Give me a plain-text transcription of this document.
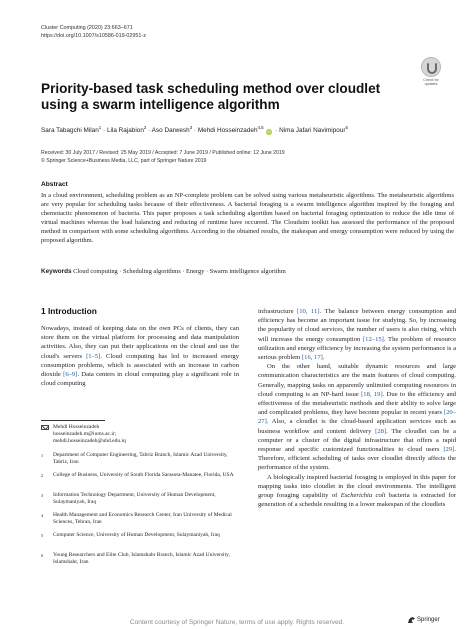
Cluster Computing (2020) 23:663–671
https://doi.org/10.1007/s10586-019-02951-z
Check for
updates
Priority-based task scheduling method over cloudlet using a swarm intelligence algorithm
Sara Tabagchi Milan$^1$ · Lila Rajabion$^2$ · Aso Darwesh$^3$ · Mehdi Hosseinzadeh$^{4,5}$ iD · Nima Jafari Navimipour$^6$
Received: 30 July 2017 / Revised: 25 May 2019 / Accepted: 7 June 2019 / Published online: 12 June 2019
© Springer Science+Business Media, LLC, part of Springer Nature 2019
Abstract
In a cloud environment, scheduling problem as an NP-complete problem can be solved using various metaheuristic algorithms. The metaheuristic algorithms are very popular for scheduling tasks because of their effectiveness. A bacterial foraging is a swarm intelligence algorithm inspired by the foraging and chemotactic phenomenon of bacteria. This paper proposes a task scheduling algorithm based on bacterial foraging optimization to reduce the idle time of virtual machines whereas the load balancing and reducing of runtime have occurred. The Cloudsim toolkit has assessed the performance of the proposed method in comparison with some scheduling algorithms. According to the obtained results, the makespan and energy consumption were reduced by using the proposed algorithm.
Keywords Cloud computing · Scheduling algorithms · Energy · Swarm intelligence algorithm
1 Introduction

Nowadays, instead of keeping data on the own PCs of clients, they can store them on the virtual platform for processing and data manipulation activities. Also, they can put their applications on the cloud and use the cloud's servers [1–5]. Cloud computing has led to increased energy consumption problems, which is associated with an increase in carbon dioxide [6–9]. Data centers in cloud computing play a significant role in cloud computing

Mehdi Hosseinzadeh
hosseinzadeh.m@iums.ac.ir;
mehdi.hosseinzadeh@uhd.edu.iq
1 Department of Computer Engineering, Tabriz Branch, Islamic Azad University, Tabriz, Iran
2 College of Business, University of South Florida Sarasota-Manatee, Florida, USA
3 Information Technology Department, University of Human Development, Sulaymaniyah, Iraq
4 Health Management and Economics Research Center, Iran University of Medical Sciences, Tehran, Iran
5 Computer Science, University of Human Development, Sulaymaniyah, Iraq
6 Young Researchers and Elite Club, Islamshahr Branch, Islamic Azad University, Islamshahr, Iran

infrastructure [10, 11]. The balance between energy consumption and efficiency has become an important issue for studying. So, by increasing the popularity of cloud services, the number of users is also rising, which will increase the energy consumption [12–15]. The problem of resource utilization and energy efficiency by increasing the system performance is a serious problem [16, 17].

On the other hand, suitable dynamic resources and large communication characteristics are the main features of cloud computing. Generally, mapping tasks on apparently unlimited computing resources in cloud computing is an NP-hard issue [18, 19]. Due to the efficiency and effectiveness of the metaheuristic methods and their ability to solve large and complicated problems, they have become popular in recent years [20–27]. Also, a cloudlet is the cloud-based application services such as business workflow and content delivery [28]. The cloudlet can be a computer or a cluster of the digital infrastructure that offers a rapid response and specific customized functionalities to cloud users [29]. Therefore, efficient scheduling of tasks over cloudlet directly affects the performance of the system.

A biologically inspired bacterial foraging is employed in this paper for mapping tasks into cloudlet in the cloud environments. The intelligent group foraging capability of Escherichia coli bacteria is extracted for generation of a schedule resulting in a lower makespan of the cloudlets

Springer
Content courtesy of Springer Nature, terms of use apply. Rights reserved.
